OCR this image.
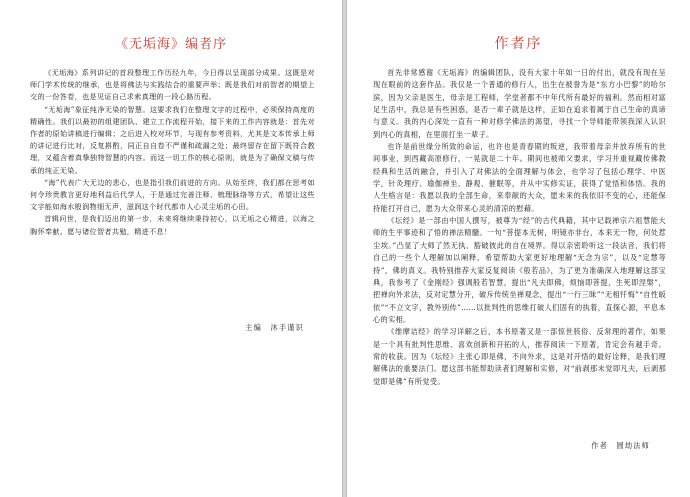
《无垢海》编者序

《无垢海》系列讲记的首段整理工作历经九年，今日得以呈现部分成果。这既是对师门学术传统的继承，也是将佛法与实践结合的重要声举；既是我们对前智者的期望上交的一份答卷，也是见证自己求索真理的一段心路历程。

“无垢海”象征纯净无染的智慧。这要求我们在整理文字的过程中，必须保持高度的精确性。我们以最初的组建团队、建立工作流程开始，接下来的工作内容就是：首先对作者的原始讲稿进行编辑；之后进入校对环节，与现有参考资料，尤其是文本传承上师的讲记进行比对，反复斟酌，同正自自卷不严谨和疏漏之处；最终留存在留下既符合教理，又蕴含着真挚独特智慧的内容。而这一切工作的核心原则，就是为了确保文稿与传承的纯正无染。

“海”代表广大无边的悲心，也是指引我们前进的方向。从始至终，我们都在思考如何令珍贵教言更好地利益后代学人，于是通过完善注释、梳理脉络等方式，希望让这些文字能如海水般润物细无声，滋润这个时代都市人心灵尘垢的心田。

首辑问世，是我们迈出的第一步，未来将继续秉持初心，以无垢之心精进，以海之胸怀奉献。愿与诸位智者共勉，精进不息！

主编　沐手谨识
作者序

首先非常感谢《无垢海》的编辑团队，没有大家十年如一日的付出，就没有现在呈现在眼前的这套作品。我仅是一个普通的修行人，出生在被誉为是“东方小巴黎”的哈尔滨，因为父亲是医生，母亲是工程师，学堂者都不中年代所有最好的福利。然而相对富足生活中，我总是有些困惑，是否一辈子就是这样，正如在追求着属于自己生命的真谛与意义。我的内心深处一直有一种对修学佛法的渴望，寻找一个导师能带领我深入认识到内心的真相，在里面打坐一辈子。

也许是前世缘分所致的命运，也许也是青春期的叛逆，我带着母亲并放弃所有的世间事业，到西藏高原修行，一晃就是二十年。期间也被师父要求，学习并重视藏传佛教经典和生活的融合，并引入了对佛法的全面理解与体会，也学习了包括心理学、中医学，针灸理疗、瑜伽禅坐、静观、催眠等，并从中实修实证，获得了觉悟和体悟。我的人生格言是：我愿以我的全部生命，来奉献的大众，愿未来的我依旧不变的心，还能保持能打开自己，愿为大众带来心灵的清凉的慰藉。

《坛经》是一部由中国人撰写，被尊为“经”的古代典籍，其中记载禅宗六祖慧能大师的生平事迹和了悟的禅法精髓。一句“菩提本无树，明镜亦非台，本来无一物，何处惹尘埃。”凸显了大师了然无执、豁破彼此的自在境界。得以亲密聆听这一段法音，我们将自己的一些个人理解加以阐释，希望帮助大家更好地理解“无念为宗”，以及“定慧等持”，佛的真义。我特别推荐大家反复阅读《般若品》，为了更为准确深入地理解这部宝典，我参考了《金刚经》强调般若智慧，提出“凡夫即佛，烦恼即菩提，生死即涅槃”，把禅向外求法，反对定慧分开，破斥传统坐禅观念，提出“一行三昧”“无相忏悔”“自性皈依”“不立文字，教外别传”……以批判性的思维打破人们固有的执着，直探心源，平息本心的实相。

《维摩诘经》的学习详解之后，本书原著又是一部惊世骇俗、反常理的著作，如果是一个具有批判性思维、喜欢创新和开拓的人，推荐阅读一下原著，肯定会有越手奇。常的收获。因为《坛经》主张心即是佛，不向外求，这是对开悟的最好诠释，是我们理解佛法的重要法门。愿这部书能帮助读者们理解和实修，对“前剥那未觉即凡夫，后剥那觉即是佛”有所觉受。

作者　圆劫法师
